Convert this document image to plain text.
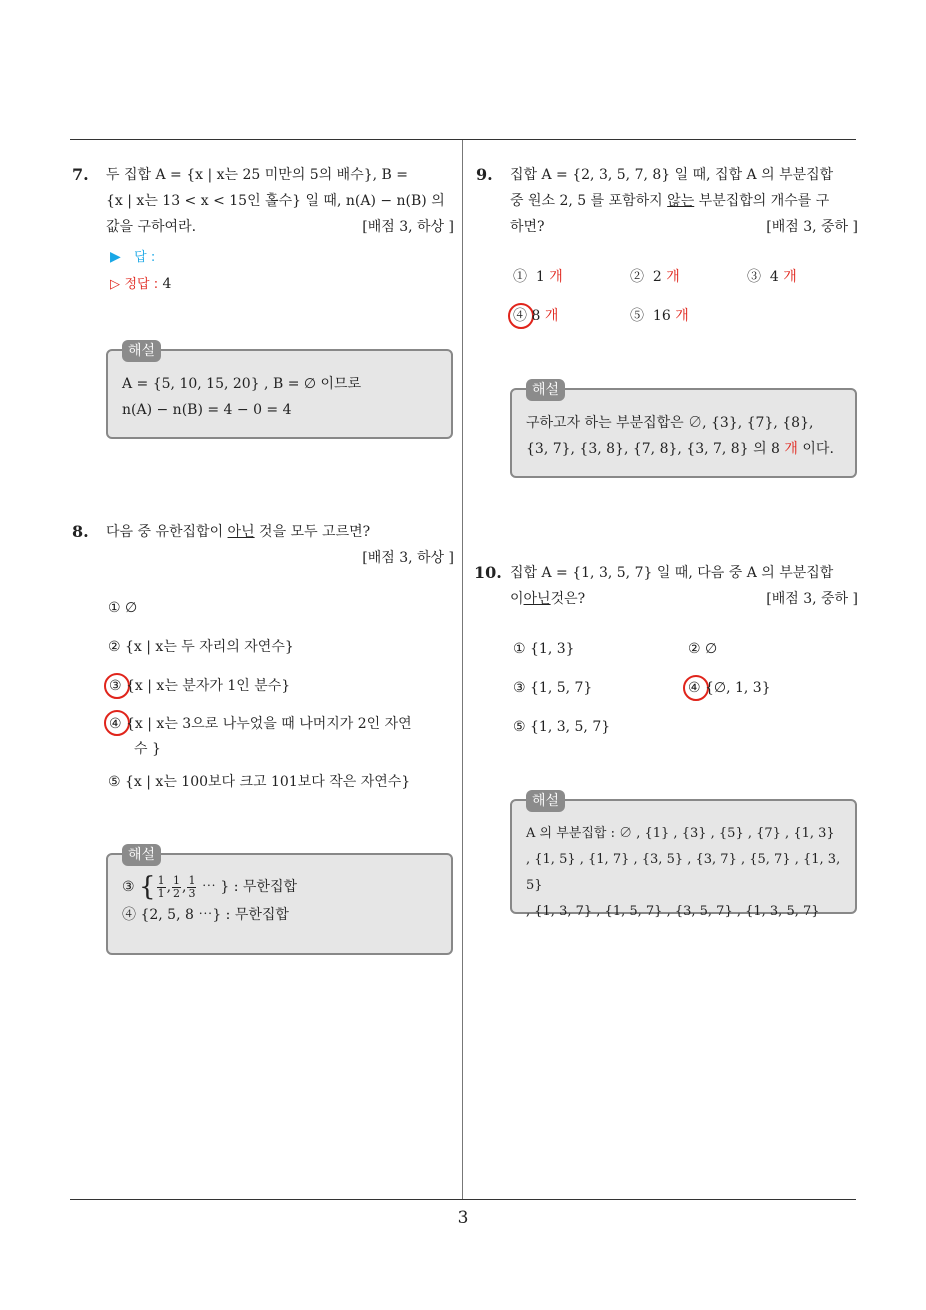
7. 두 집합 A = {x | x는 25 미만의 5의 배수}, B =
{x | x는 13 < x < 15인 홀수} 일 때, n(A) − n(B) 의

값을 구하여라.	[배점 3, 하상 ]
▶ 답 :
▷ 정답 : 4
해설
A = {5, 10, 15, 20} , B = ∅ 이므로
n(A) − n(B) = 4 − 0 = 4
8. 다음 중 유한집합이 아닌 것을 모두 고르면?
[배점 3, 하상 ]
① ∅
② {x | x는 두 자리의 자연수}
③ {x | x는 분자가 1인 분수}
④ {x | x는 3으로 나누었을 때 나머지가 2인 자연
수 }
⑤ {x | x는 100보다 크고 101보다 작은 자연수}
해설
③ { $\frac{1}{1}$ , $\frac{1}{2}$ , $\frac{1}{3}$ ⋯ } : 무한집합
④ {2, 5, 8 ⋯} : 무한집합
9. 집합 A = {2, 3, 5, 7, 8} 일 때, 집합 A 의 부분집합
중 원소 2, 5 를 포함하지 않는 부분집합의 개수를 구

하면?	[배점 3, 중하 ]
① 1 개	② 2 개	③ 4 개
④ 8 개	⑤ 16 개
해설
구하고자 하는 부분집합은 ∅, {3}, {7}, {8},
{3, 7}, {3, 8}, {7, 8}, {3, 7, 8} 의 8 개 이다.
10. 집합 A = {1, 3, 5, 7} 일 때, 다음 중 A 의 부분집합

이 아닌 것은?	[배점 3, 중하 ]
① {1, 3}	② ∅
③ {1, 5, 7}	④ {∅, 1, 3}
⑤ {1, 3, 5, 7}
해설
A 의 부분집합 : ∅ , {1} , {3} , {5} , {7} , {1, 3}
, {1, 5} , {1, 7} , {3, 5} , {3, 7} , {5, 7} , {1, 3, 5}
, {1, 3, 7} , {1, 5, 7} , {3, 5, 7} , {1, 3, 5, 7}
3
